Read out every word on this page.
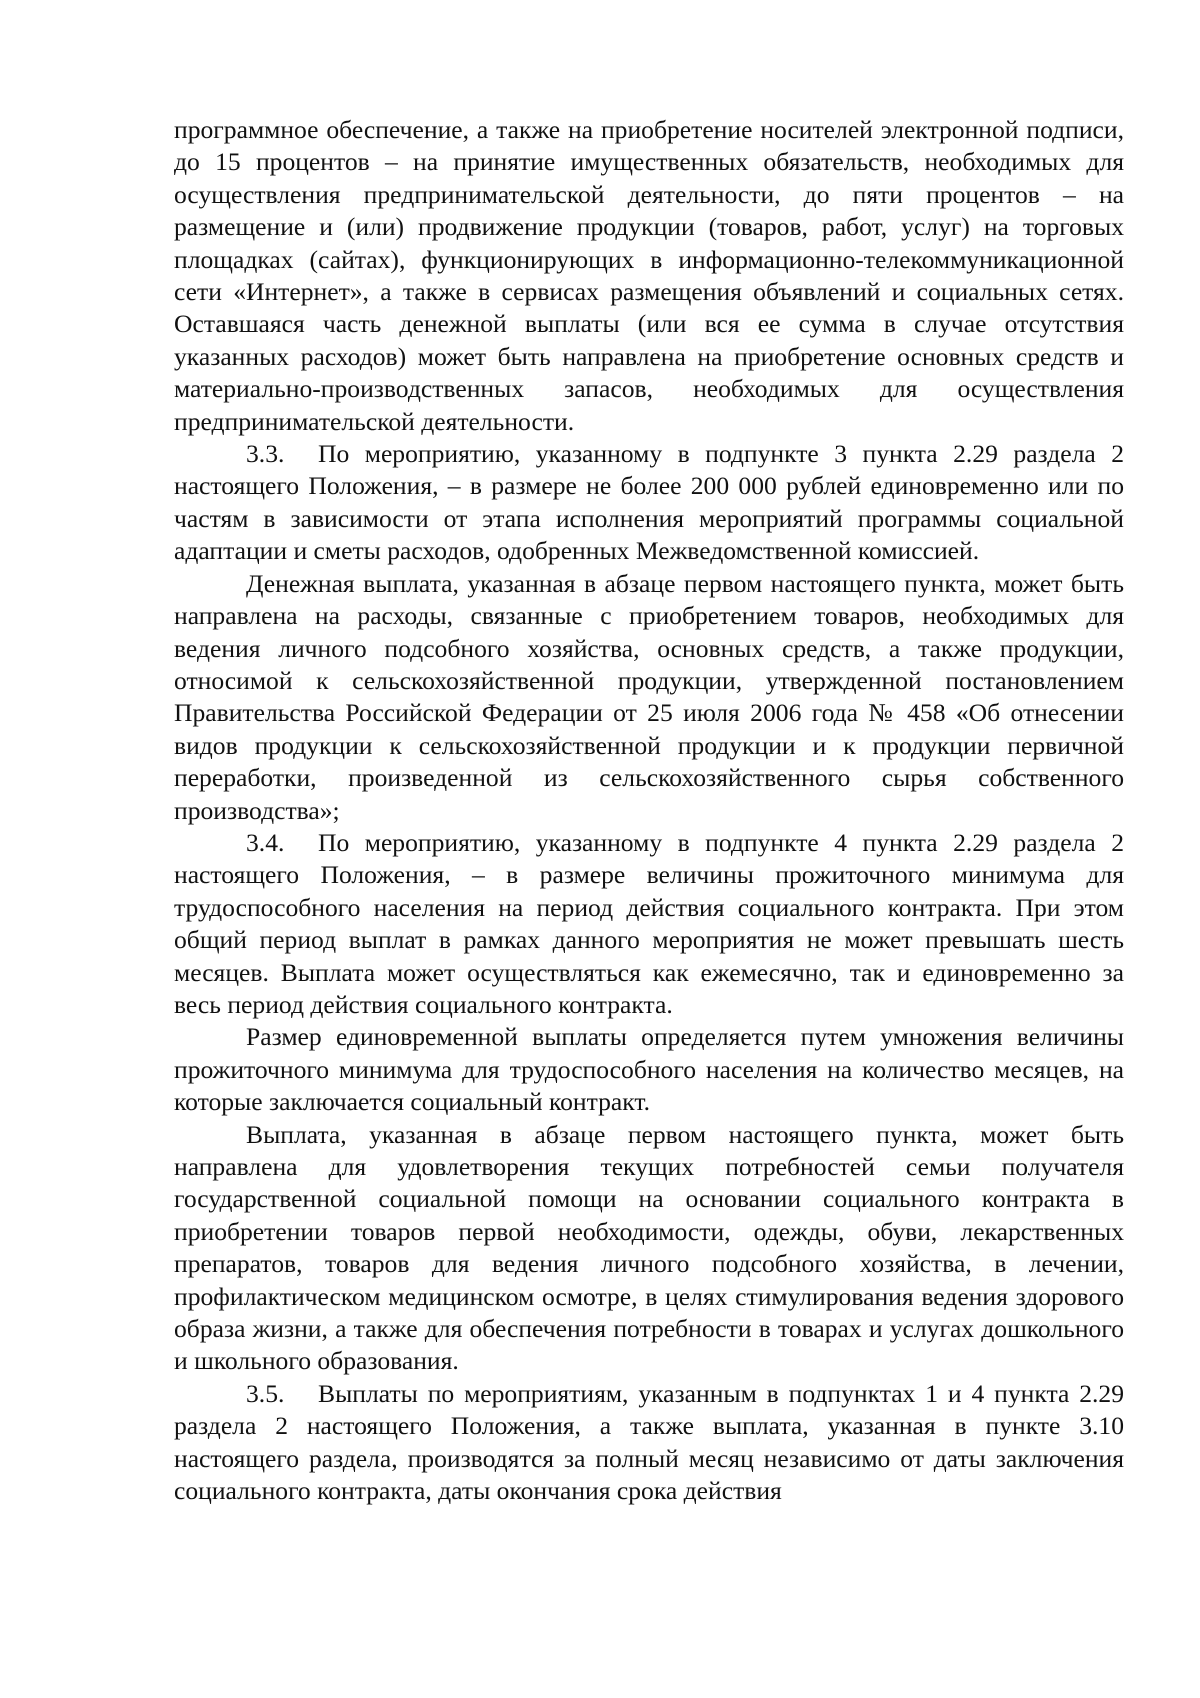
программное обеспечение, а также на приобретение носителей электронной подписи, до 15 процентов – на принятие имущественных обязательств, необходимых для осуществления предпринимательской деятельности, до пяти процентов – на размещение и (или) продвижение продукции (товаров, работ, услуг) на торговых площадках (сайтах), функционирующих в информационно-телекоммуникационной сети «Интернет», а также в сервисах размещения объявлений и социальных сетях. Оставшаяся часть денежной выплаты (или вся ее сумма в случае отсутствия указанных расходов) может быть направлена на приобретение основных средств и материально-производственных запасов, необходимых для осуществления предпринимательской деятельности.

3.3. По мероприятию, указанному в подпункте 3 пункта 2.29 раздела 2 настоящего Положения, – в размере не более 200 000 рублей единовременно или по частям в зависимости от этапа исполнения мероприятий программы социальной адаптации и сметы расходов, одобренных Межведомственной комиссией.

Денежная выплата, указанная в абзаце первом настоящего пункта, может быть направлена на расходы, связанные с приобретением товаров, необходимых для ведения личного подсобного хозяйства, основных средств, а также продукции, относимой к сельскохозяйственной продукции, утвержденной постановлением Правительства Российской Федерации от 25 июля 2006 года № 458 «Об отнесении видов продукции к сельскохозяйственной продукции и к продукции первичной переработки, произведенной из сельскохозяйственного сырья собственного производства»;

3.4. По мероприятию, указанному в подпункте 4 пункта 2.29 раздела 2 настоящего Положения, – в размере величины прожиточного минимума для трудоспособного населения на период действия социального контракта. При этом общий период выплат в рамках данного мероприятия не может превышать шесть месяцев. Выплата может осуществляться как ежемесячно, так и единовременно за весь период действия социального контракта.

Размер единовременной выплаты определяется путем умножения величины прожиточного минимума для трудоспособного населения на количество месяцев, на которые заключается социальный контракт.

Выплата, указанная в абзаце первом настоящего пункта, может быть направлена для удовлетворения текущих потребностей семьи получателя государственной социальной помощи на основании социального контракта в приобретении товаров первой необходимости, одежды, обуви, лекарственных препаратов, товаров для ведения личного подсобного хозяйства, в лечении, профилактическом медицинском осмотре, в целях стимулирования ведения здорового образа жизни, а также для обеспечения потребности в товарах и услугах дошкольного и школьного образования.

3.5. Выплаты по мероприятиям, указанным в подпунктах 1 и 4 пункта 2.29 раздела 2 настоящего Положения, а также выплата, указанная в пункте 3.10 настоящего раздела, производятся за полный месяц независимо от даты заключения социального контракта, даты окончания срока действия
